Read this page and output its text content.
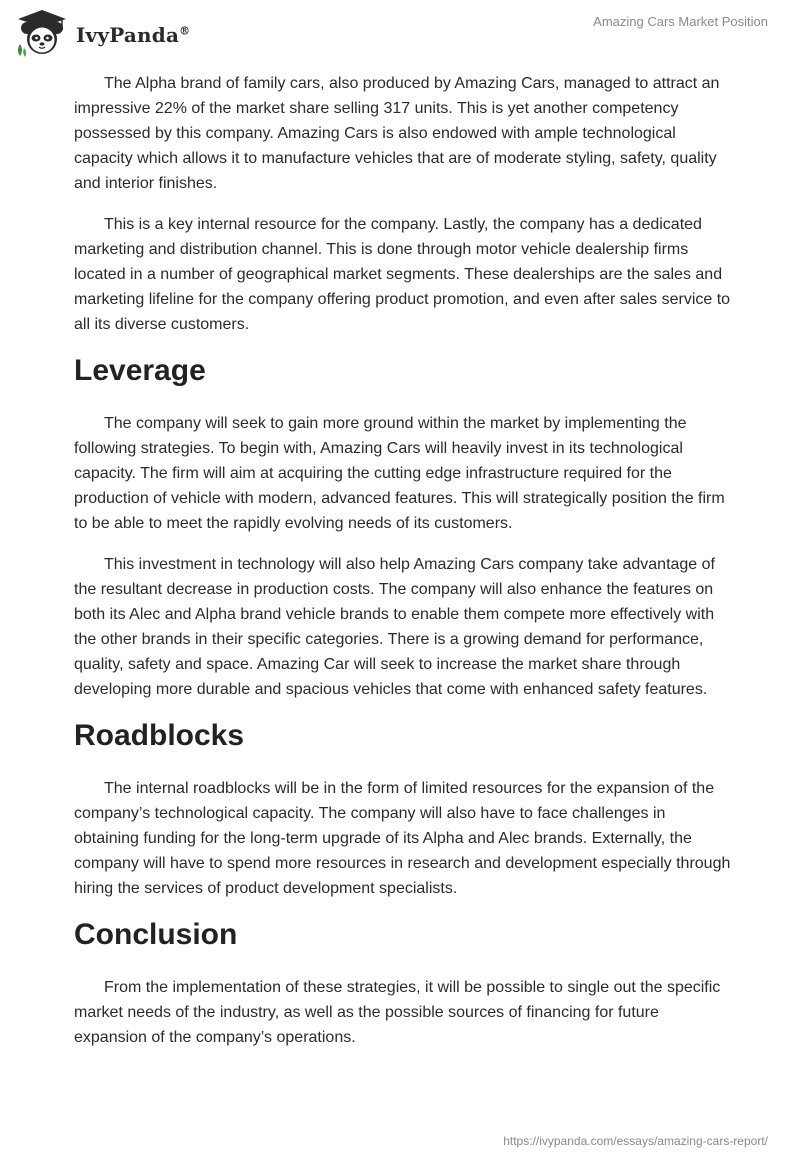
IvyPanda®
Amazing Cars Market Position

The Alpha brand of family cars, also produced by Amazing Cars, managed to attract an impressive 22% of the market share selling 317 units. This is yet another competency possessed by this company. Amazing Cars is also endowed with ample technological capacity which allows it to manufacture vehicles that are of moderate styling, safety, quality and interior finishes.

This is a key internal resource for the company. Lastly, the company has a dedicated marketing and distribution channel. This is done through motor vehicle dealership firms located in a number of geographical market segments. These dealerships are the sales and marketing lifeline for the company offering product promotion, and even after sales service to all its diverse customers.

Leverage

The company will seek to gain more ground within the market by implementing the following strategies. To begin with, Amazing Cars will heavily invest in its technological capacity. The firm will aim at acquiring the cutting edge infrastructure required for the production of vehicle with modern, advanced features. This will strategically position the firm to be able to meet the rapidly evolving needs of its customers.

This investment in technology will also help Amazing Cars company take advantage of the resultant decrease in production costs. The company will also enhance the features on both its Alec and Alpha brand vehicle brands to enable them compete more effectively with the other brands in their specific categories. There is a growing demand for performance, quality, safety and space. Amazing Car will seek to increase the market share through developing more durable and spacious vehicles that come with enhanced safety features.

Roadblocks

The internal roadblocks will be in the form of limited resources for the expansion of the company’s technological capacity. The company will also have to face challenges in obtaining funding for the long-term upgrade of its Alpha and Alec brands. Externally, the company will have to spend more resources in research and development especially through hiring the services of product development specialists.

Conclusion

From the implementation of these strategies, it will be possible to single out the specific market needs of the industry, as well as the possible sources of financing for future expansion of the company’s operations.

https://ivypanda.com/essays/amazing-cars-report/
